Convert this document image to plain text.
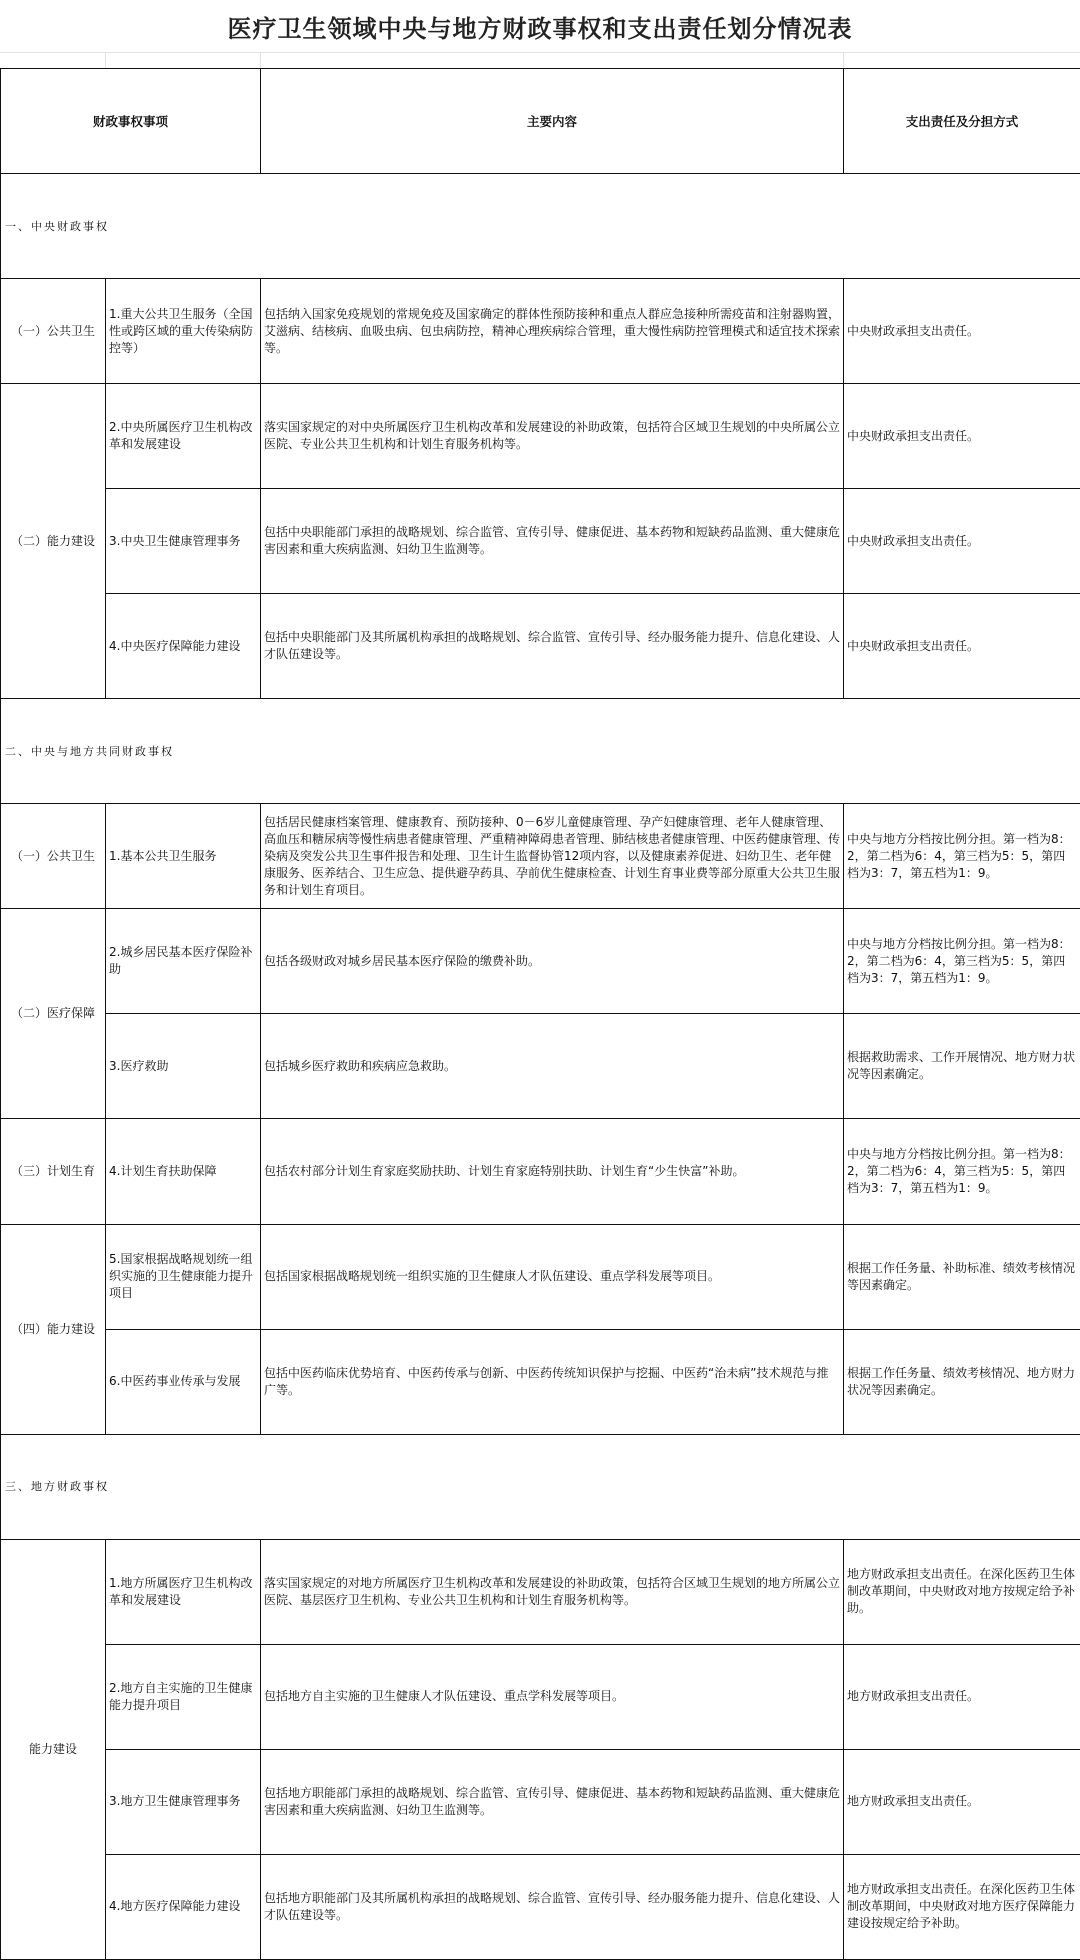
医疗卫生领域中央与地方财政事权和支出责任划分情况表
财政事权事项		主要内容	支出责任及分担方式
一、中央财政事权			
（一）公共卫生	1.重大公共卫生服务（全国性或跨区域的重大传染病防控等）	包括纳入国家免疫规划的常规免疫及国家确定的群体性预防接种和重点人群应急接种所需疫苗和注射器购置，艾滋病、结核病、血吸虫病、包虫病防控，精神心理疾病综合管理，重大慢性病防控管理模式和适宜技术探索等。	中央财政承担支出责任。
（二）能力建设	2.中央所属医疗卫生机构改革和发展建设	落实国家规定的对中央所属医疗卫生机构改革和发展建设的补助政策，包括符合区域卫生规划的中央所属公立医院、专业公共卫生机构和计划生育服务机构等。	中央财政承担支出责任。
	3.中央卫生健康管理事务	包括中央职能部门承担的战略规划、综合监管、宣传引导、健康促进、基本药物和短缺药品监测、重大健康危害因素和重大疾病监测、妇幼卫生监测等。	中央财政承担支出责任。
	4.中央医疗保障能力建设	包括中央职能部门及其所属机构承担的战略规划、综合监管、宣传引导、经办服务能力提升、信息化建设、人才队伍建设等。	中央财政承担支出责任。
二、中央与地方共同财政事权			
（一）公共卫生	1.基本公共卫生服务	包括居民健康档案管理、健康教育、预防接种、0－6岁儿童健康管理、孕产妇健康管理、老年人健康管理、高血压和糖尿病等慢性病患者健康管理、严重精神障碍患者管理、肺结核患者健康管理、中医药健康管理、传染病及突发公共卫生事件报告和处理、卫生计生监督协管12项内容，以及健康素养促进、妇幼卫生、老年健康服务、医养结合、卫生应急、提供避孕药具、孕前优生健康检查、计划生育事业费等部分原重大公共卫生服务和计划生育项目。	中央与地方分档按比例分担。第一档为8：2，第二档为6：4，第三档为5：5，第四档为3：7，第五档为1：9。
（二）医疗保障	2.城乡居民基本医疗保险补助	包括各级财政对城乡居民基本医疗保险的缴费补助。	中央与地方分档按比例分担。第一档为8：2，第二档为6：4，第三档为5：5，第四档为3：7，第五档为1：9。
	3.医疗救助	包括城乡医疗救助和疾病应急救助。	根据救助需求、工作开展情况、地方财力状况等因素确定。
（三）计划生育	4.计划生育扶助保障	包括农村部分计划生育家庭奖励扶助、计划生育家庭特别扶助、计划生育“少生快富”补助。	中央与地方分档按比例分担。第一档为8：2，第二档为6：4，第三档为5：5，第四档为3：7，第五档为1：9。
（四）能力建设	5.国家根据战略规划统一组织实施的卫生健康能力提升项目	包括国家根据战略规划统一组织实施的卫生健康人才队伍建设、重点学科发展等项目。	根据工作任务量、补助标准、绩效考核情况等因素确定。
	6.中医药事业传承与发展	包括中医药临床优势培育、中医药传承与创新、中医药传统知识保护与挖掘、中医药“治未病”技术规范与推广等。	根据工作任务量、绩效考核情况、地方财力状况等因素确定。
三、地方财政事权			
能力建设	1.地方所属医疗卫生机构改革和发展建设	落实国家规定的对地方所属医疗卫生机构改革和发展建设的补助政策，包括符合区域卫生规划的地方所属公立医院、基层医疗卫生机构、专业公共卫生机构和计划生育服务机构等。	地方财政承担支出责任。在深化医药卫生体制改革期间，中央财政对地方按规定给予补助。
	2.地方自主实施的卫生健康能力提升项目	包括地方自主实施的卫生健康人才队伍建设、重点学科发展等项目。	地方财政承担支出责任。
	3.地方卫生健康管理事务	包括地方职能部门承担的战略规划、综合监管、宣传引导、健康促进、基本药物和短缺药品监测、重大健康危害因素和重大疾病监测、妇幼卫生监测等。	地方财政承担支出责任。
	4.地方医疗保障能力建设	包括地方职能部门及其所属机构承担的战略规划、综合监管、宣传引导、经办服务能力提升、信息化建设、人才队伍建设等。	地方财政承担支出责任。在深化医药卫生体制改革期间，中央财政对地方医疗保障能力建设按规定给予补助。
